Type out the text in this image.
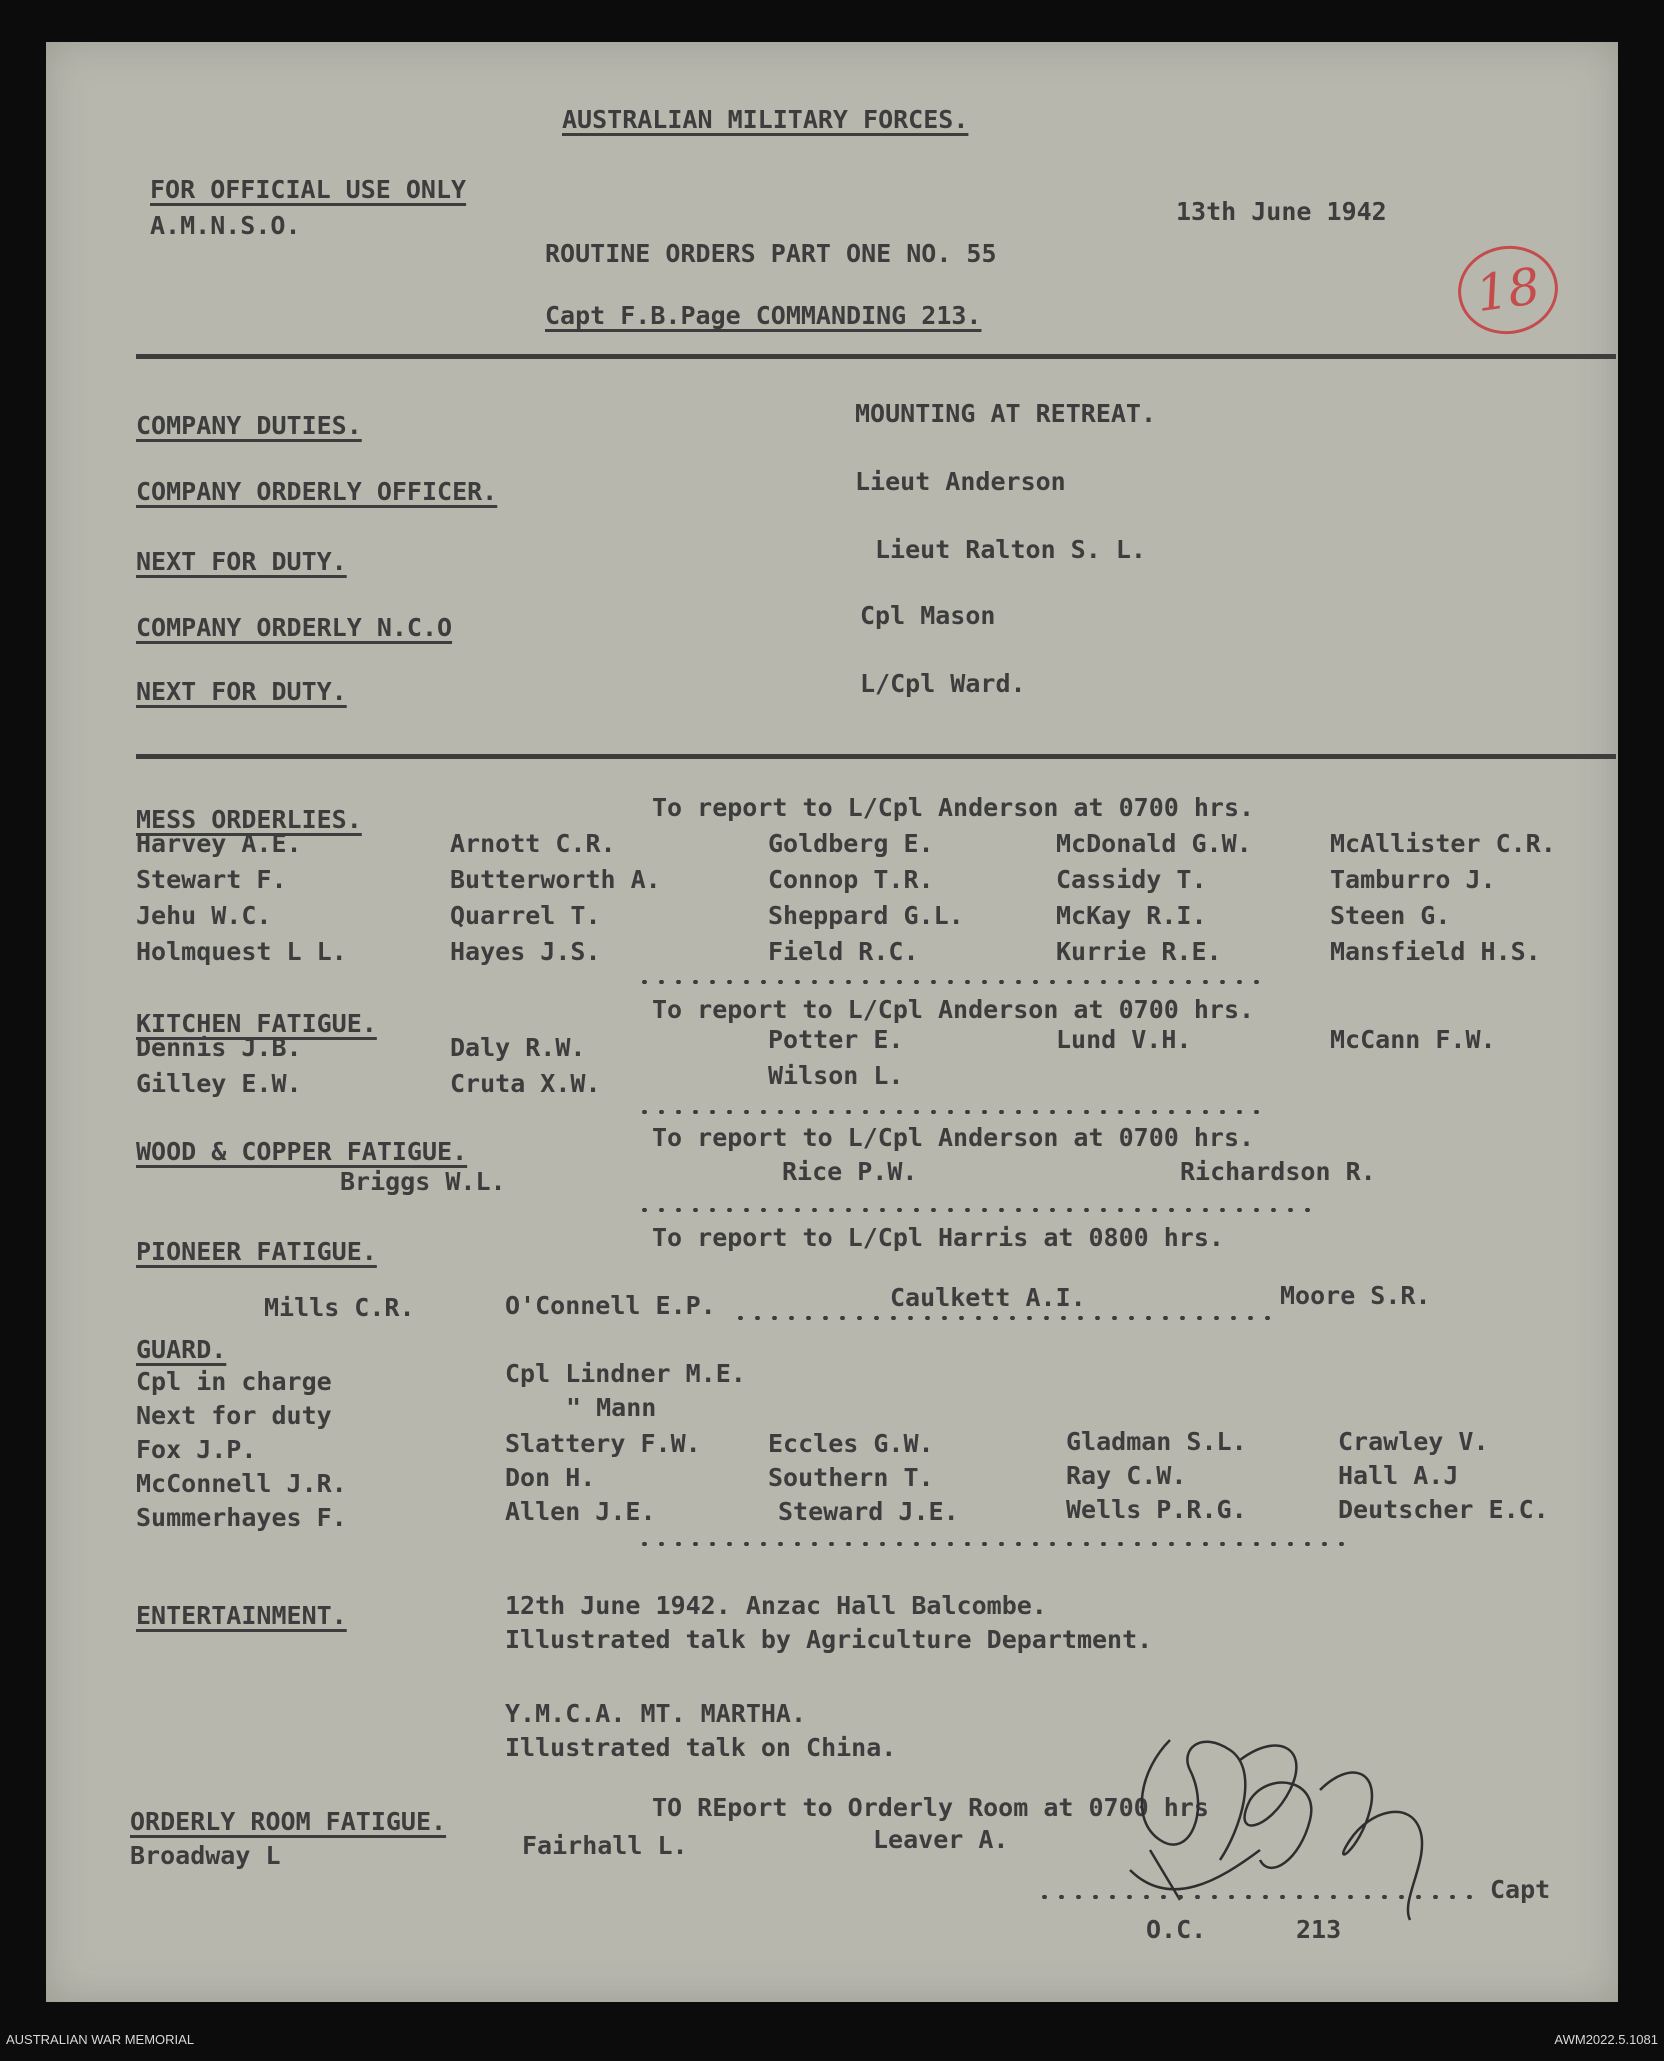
AUSTRALIAN MILITARY FORCES.
FOR OFFICIAL USE ONLY
A.M.N.S.O.	13th June 1942
ROUTINE ORDERS PART ONE NO. 55
Capt F.B.Page COMMANDING 213.	18
COMPANY DUTIES.	MOUNTING AT RETREAT.
COMPANY ORDERLY OFFICER.	Lieut Anderson
NEXT FOR DUTY.	Lieut Ralton S. L.
COMPANY ORDERLY N.C.O	Cpl Mason
NEXT FOR DUTY.	L/Cpl Ward.
MESS ORDERLIES.	To report to L/Cpl Anderson at 0700 hrs.
Harvey A.E.	Arnott C.R.	Goldberg E.	McDonald G.W.	McAllister C.R.
Stewart F.	Butterworth A.	Connop T.R.	Cassidy T.	Tamburro J.
Jehu W.C.	Quarrel T.	Sheppard G.L.	McKay R.I.	Steen G.
Holmquest L L.	Hayes J.S.	Field R.C.	Kurrie R.E.	Mansfield H.S.
KITCHEN FATIGUE.	To report to L/Cpl Anderson at 0700 hrs.
Dennis J.B.	Daly R.W.	Potter E.	Lund V.H.	McCann F.W.
Gilley E.W.	Cruta X.W.	Wilson L.
WOOD & COPPER FATIGUE.	To report to L/Cpl Anderson at 0700 hrs.
Briggs W.L.	Rice P.W.	Richardson R.
PIONEER FATIGUE.	To report to L/Cpl Harris at 0800 hrs.
Mills C.R.	O'Connell E.P.	Caulkett A.I.	Moore S.R.
GUARD.
Cpl in charge	Cpl Lindner M.E.
Next for duty	" Mann
Fox J.P.	Slattery F.W.	Eccles G.W.	Gladman S.L.	Crawley V.
McConnell J.R.	Don H.	Southern T.	Ray C.W.	Hall A.J
Summerhayes F.	Allen J.E.	Steward J.E.	Wells P.R.G.	Deutscher E.C.
ENTERTAINMENT.	12th June 1942. Anzac Hall Balcombe.
Illustrated talk by Agriculture Department.
Y.M.C.A. MT. MARTHA.
Illustrated talk on China.
ORDERLY ROOM FATIGUE.	TO REport to Orderly Room at 0700 hrs
Broadway L	Fairhall L.	Leaver A.
Capt
O.C.	213
AUSTRALIAN WAR MEMORIAL	AWM2022.5.1081
